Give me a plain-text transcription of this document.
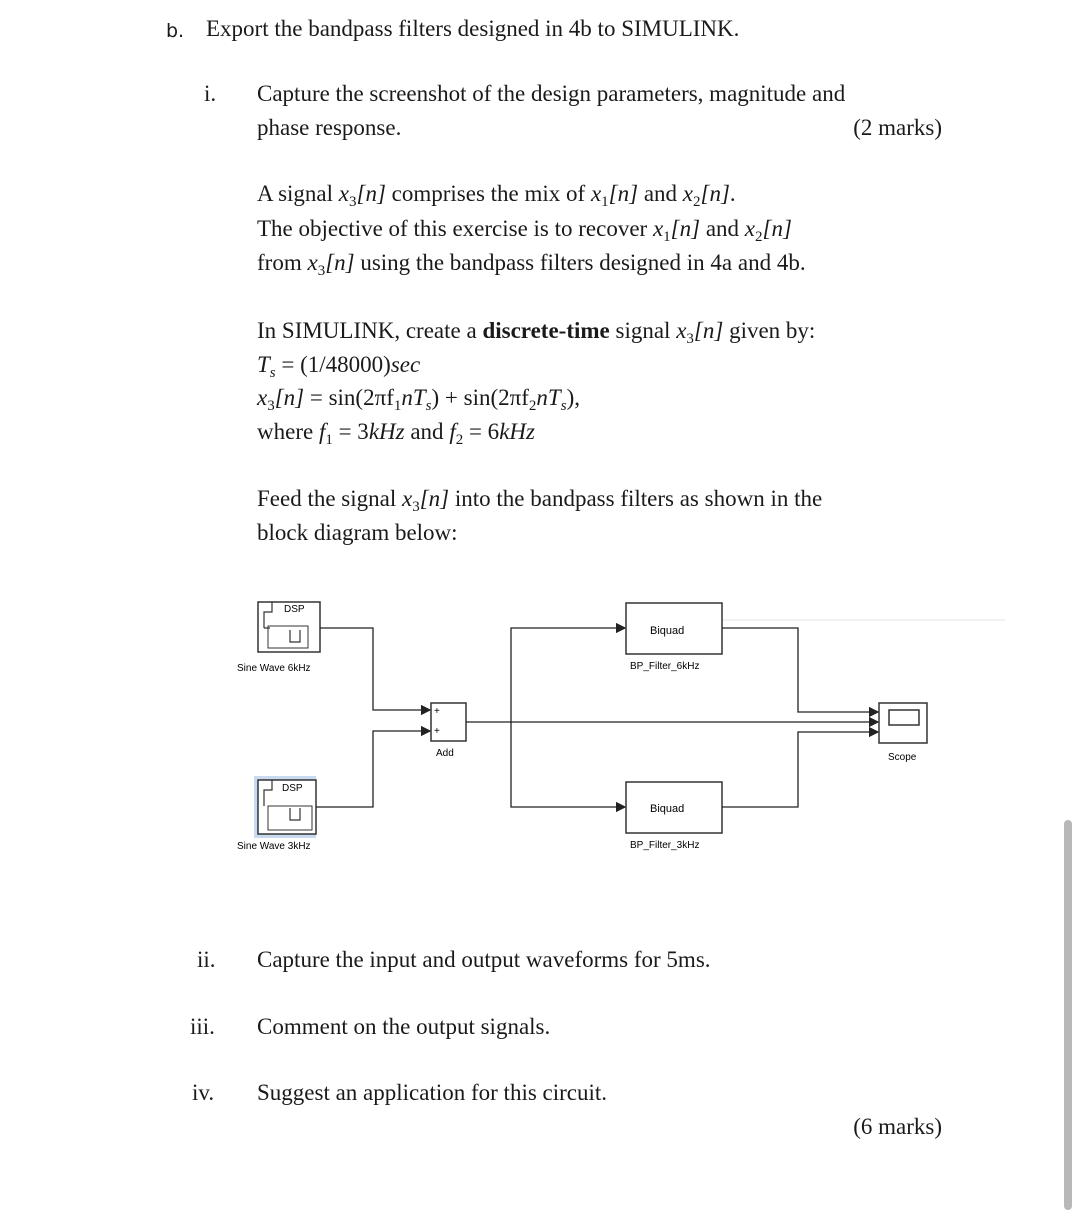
b. Export the bandpass filters designed in 4b to SIMULINK.
i. Capture the screenshot of the design parameters, magnitude and
phase response.	(2 marks)
A signal $x_3[n]$ comprises the mix of $x_1[n]$ and $x_2[n]$.
The objective of this exercise is to recover $x_1[n]$ and $x_2[n]$
from $x_3[n]$ using the bandpass filters designed in 4a and 4b.
In SIMULINK, create a discrete-time signal $x_3[n]$ given by:
$T_s = (1/48000)\sec$
$x_3[n] = \sin(2\pi f_1nT_s) + \sin(2\pi f_2nT_s)$,
where $f_1 = 3kHz$ and $f_2 = 6kHz$
Feed the signal $x_3[n]$ into the bandpass filters as shown in the
block diagram below:
DSP
Sine Wave 6kHz
DSP
Sine Wave 3kHz
+
+
Add
Biquad
BP_Filter_6kHz
Biquad
BP_Filter_3kHz
Scope
ii. Capture the input and output waveforms for 5ms.
iii. Comment on the output signals.
iv. Suggest an application for this circuit.
(6 marks)
